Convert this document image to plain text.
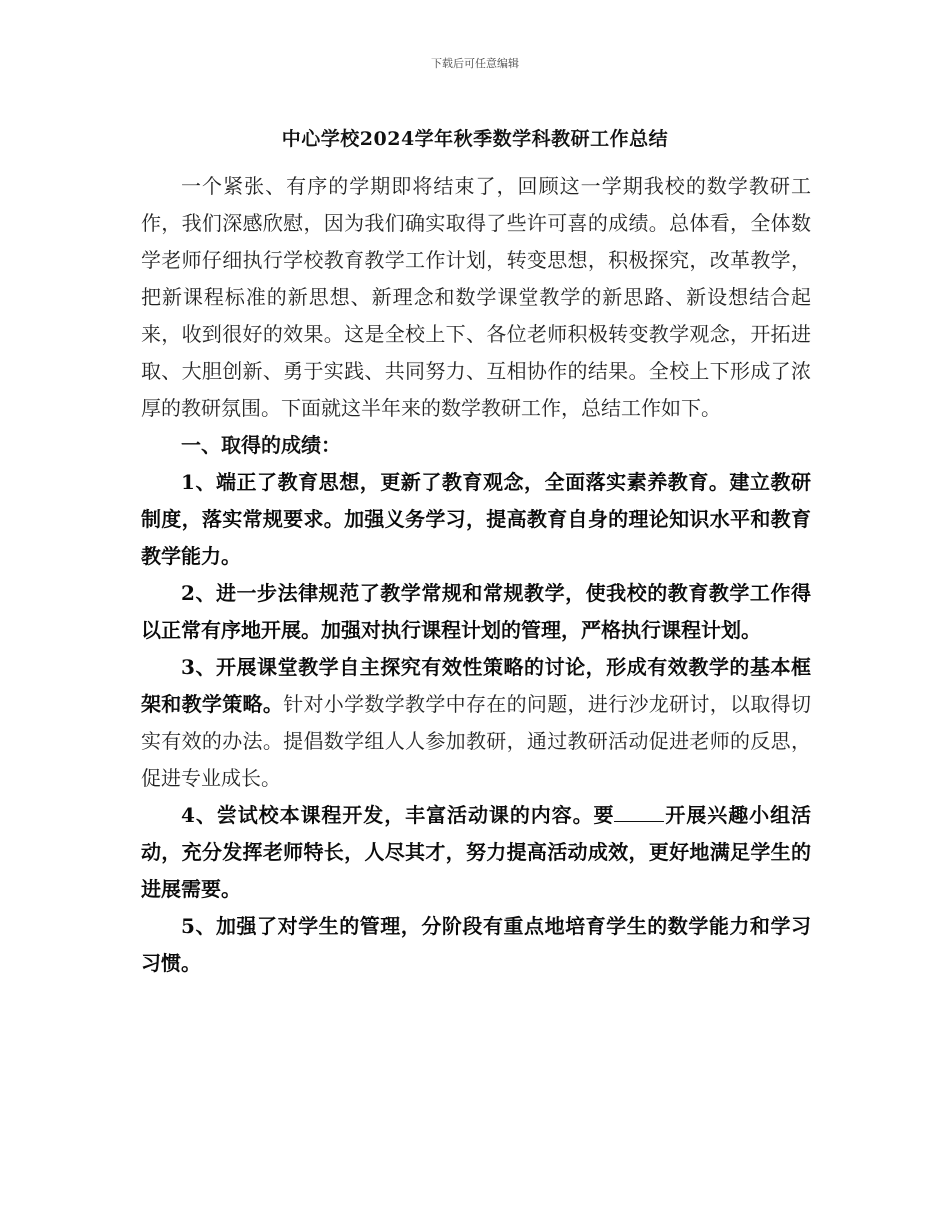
下载后可任意编辑
中心学校2024学年秋季数学科教研工作总结

一个紧张、有序的学期即将结束了，回顾这一学期我校的数学教研工作，我们深感欣慰，因为我们确实取得了些许可喜的成绩。总体看，全体数学老师仔细执行学校教育教学工作计划，转变思想，积极探究，改革教学，把新课程标准的新思想、新理念和数学课堂教学的新思路、新设想结合起来，收到很好的效果。这是全校上下、各位老师积极转变教学观念，开拓进取、大胆创新、勇于实践、共同努力、互相协作的结果。全校上下形成了浓厚的教研氛围。下面就这半年来的数学教研工作，总结工作如下。

一、取得的成绩：

1、端正了教育思想，更新了教育观念，全面落实素养教育。建立教研制度，落实常规要求。加强义务学习，提高教育自身的理论知识水平和教育教学能力。

2、进一步法律规范了教学常规和常规教学，使我校的教育教学工作得以正常有序地开展。加强对执行课程计划的管理，严格执行课程计划。

3、开展课堂教学自主探究有效性策略的讨论，形成有效教学的基本框架和教学策略。针对小学数学教学中存在的问题，进行沙龙研讨，以取得切实有效的办法。提倡数学组人人参加教研，通过教研活动促进老师的反思，促进专业成长。

4、尝试校本课程开发，丰富活动课的内容。要	开展兴趣小组活动，充分发挥老师特长，人尽其才，努力提高活动成效，更好地满足学生的进展需要。

5、加强了对学生的管理，分阶段有重点地培育学生的数学能力和学习习惯。
